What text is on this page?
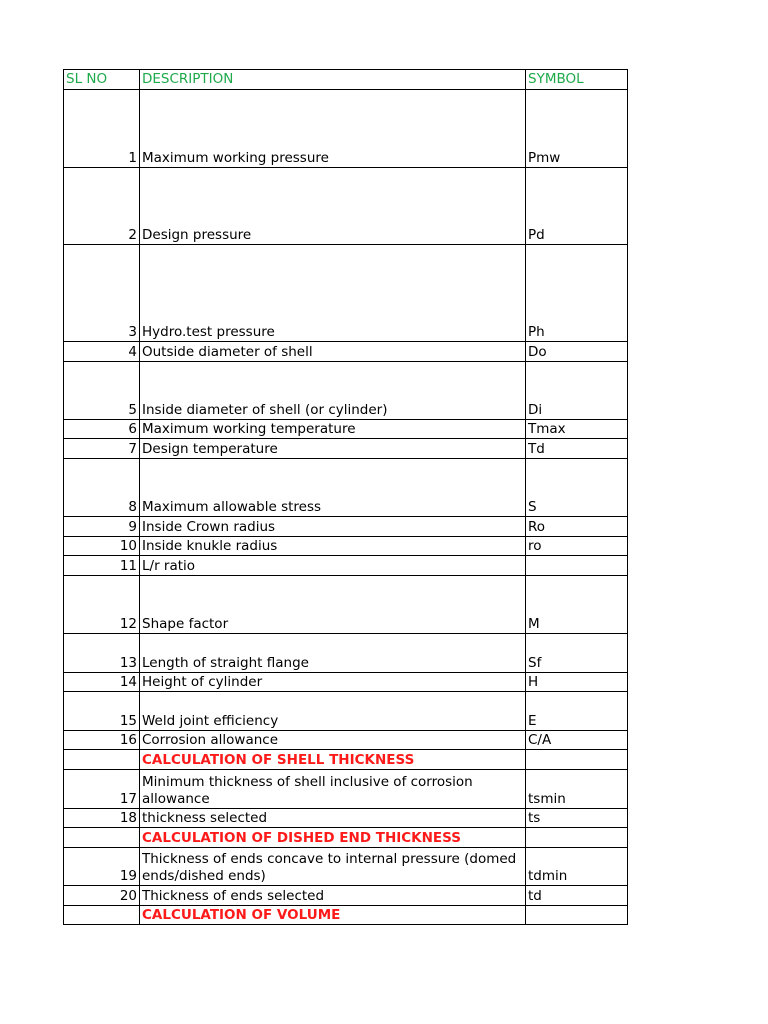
SL NO	DESCRIPTION	SYMBOL
1	Maximum working pressure	Pmw
2	Design pressure	Pd
3	Hydro.test pressure	Ph
4	Outside diameter of shell	Do
5	Inside diameter of shell (or cylinder)	Di
6	Maximum working temperature	Tmax
7	Design temperature	Td
8	Maximum allowable stress	S
9	Inside Crown radius	Ro
10	Inside knukle radius	ro
11	L/r ratio	
12	Shape factor	M
13	Length of straight flange	Sf
14	Height of cylinder	H
15	Weld joint efficiency	E
16	Corrosion allowance	C/A
	CALCULATION OF SHELL THICKNESS	
17	Minimum thickness of shell inclusive of corrosion allowance	tsmin
18	thickness selected	ts
	CALCULATION OF DISHED END THICKNESS	
19	Thickness of ends concave to internal pressure (domed ends/dished ends)	tdmin
20	Thickness of ends selected	td
	CALCULATION OF VOLUME	
